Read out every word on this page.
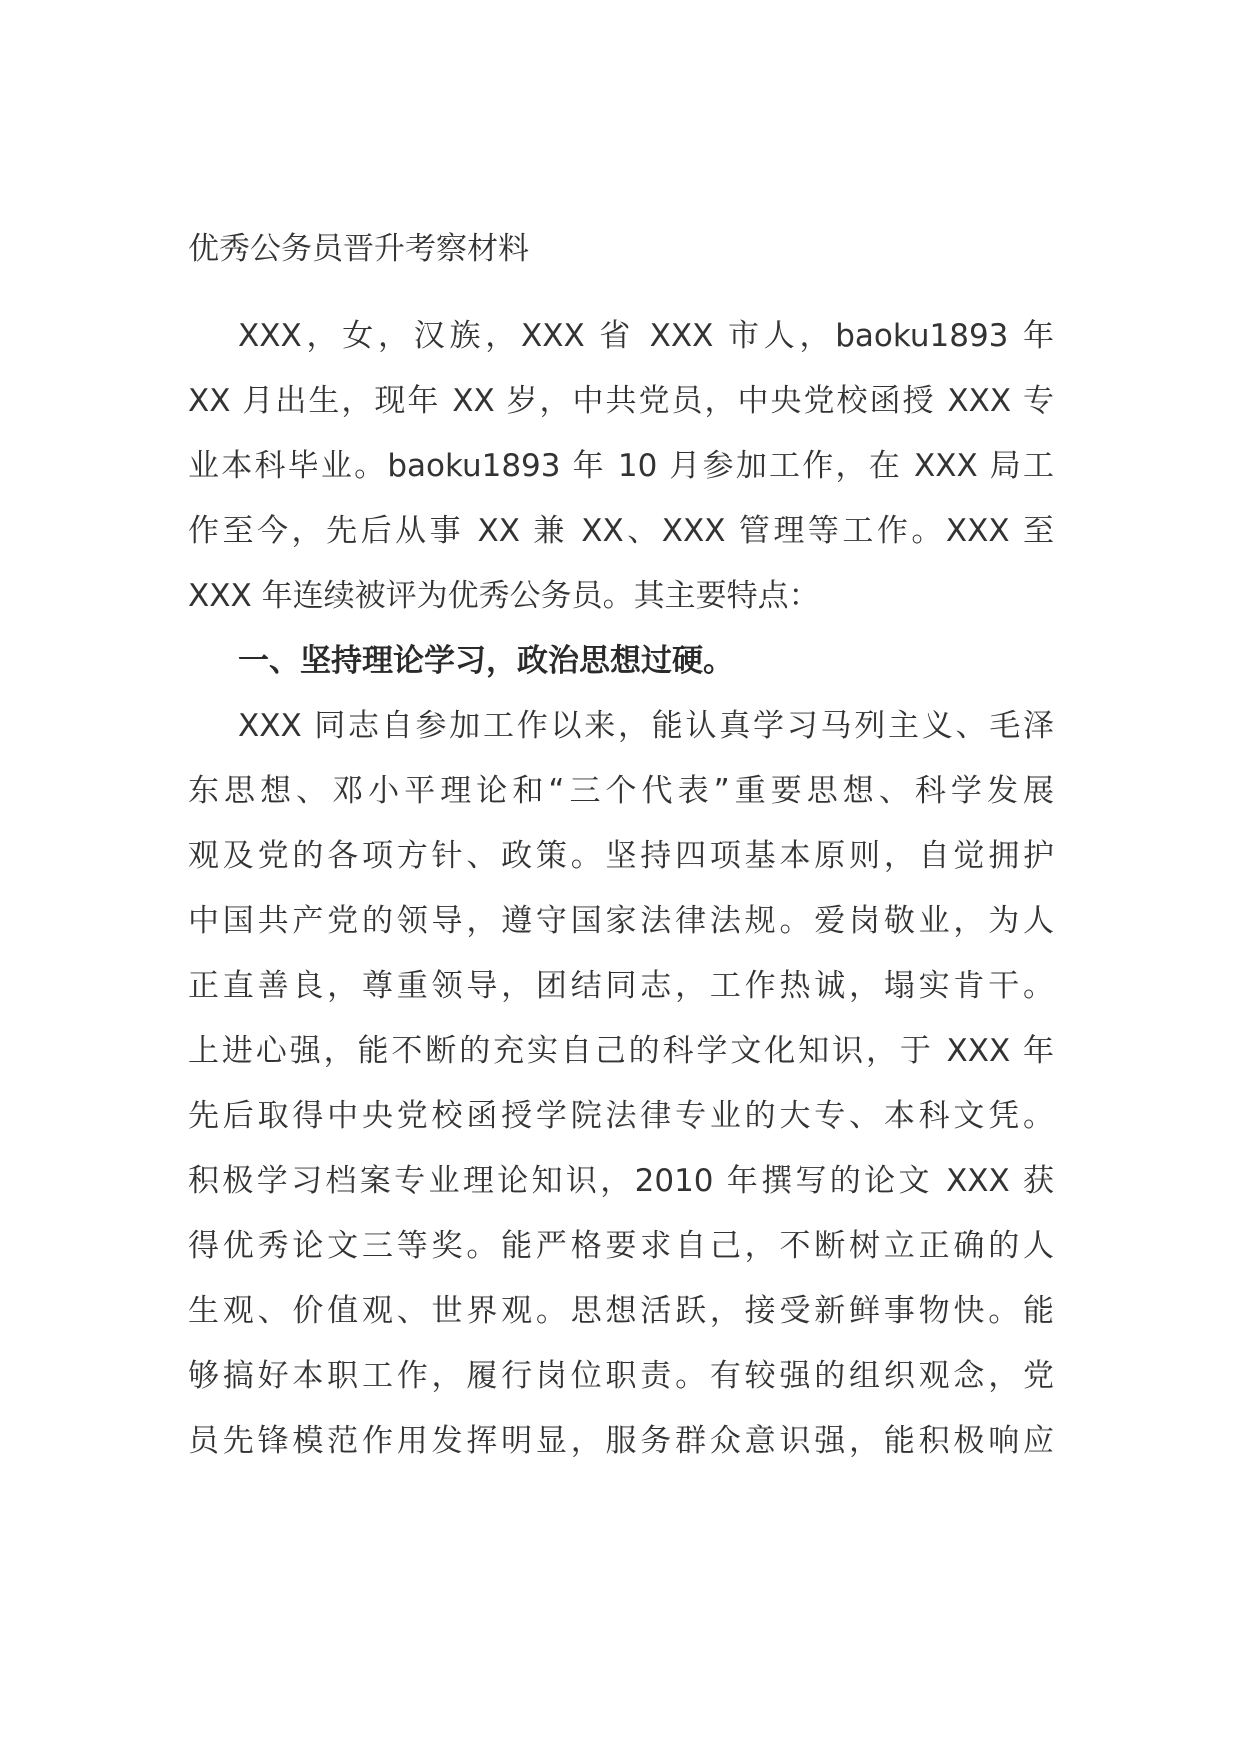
优秀公务员晋升考察材料
XXX，女，汉族，XXX 省 XXX 市人，baoku1893 年
XX 月出生，现年 XX 岁，中共党员，中央党校函授 XXX 专
业本科毕业。baoku1893 年 10 月参加工作，在 XXX 局工
作至今，先后从事 XX 兼 XX、XXX 管理等工作。XXX 至
XXX 年连续被评为优秀公务员。其主要特点：
一、坚持理论学习，政治思想过硬。
XXX 同志自参加工作以来，能认真学习马列主义、毛泽
东思想、邓小平理论和“三个代表”重要思想、科学发展
观及党的各项方针、政策。坚持四项基本原则，自觉拥护
中国共产党的领导，遵守国家法律法规。爱岗敬业，为人
正直善良，尊重领导，团结同志，工作热诚，塌实肯干。
上进心强，能不断的充实自己的科学文化知识，于 XXX 年
先后取得中央党校函授学院法律专业的大专、本科文凭。
积极学习档案专业理论知识，2010 年撰写的论文 XXX 获
得优秀论文三等奖。能严格要求自己，不断树立正确的人
生观、价值观、世界观。思想活跃，接受新鲜事物快。能
够搞好本职工作，履行岗位职责。有较强的组织观念，党
员先锋模范作用发挥明显，服务群众意识强，能积极响应
